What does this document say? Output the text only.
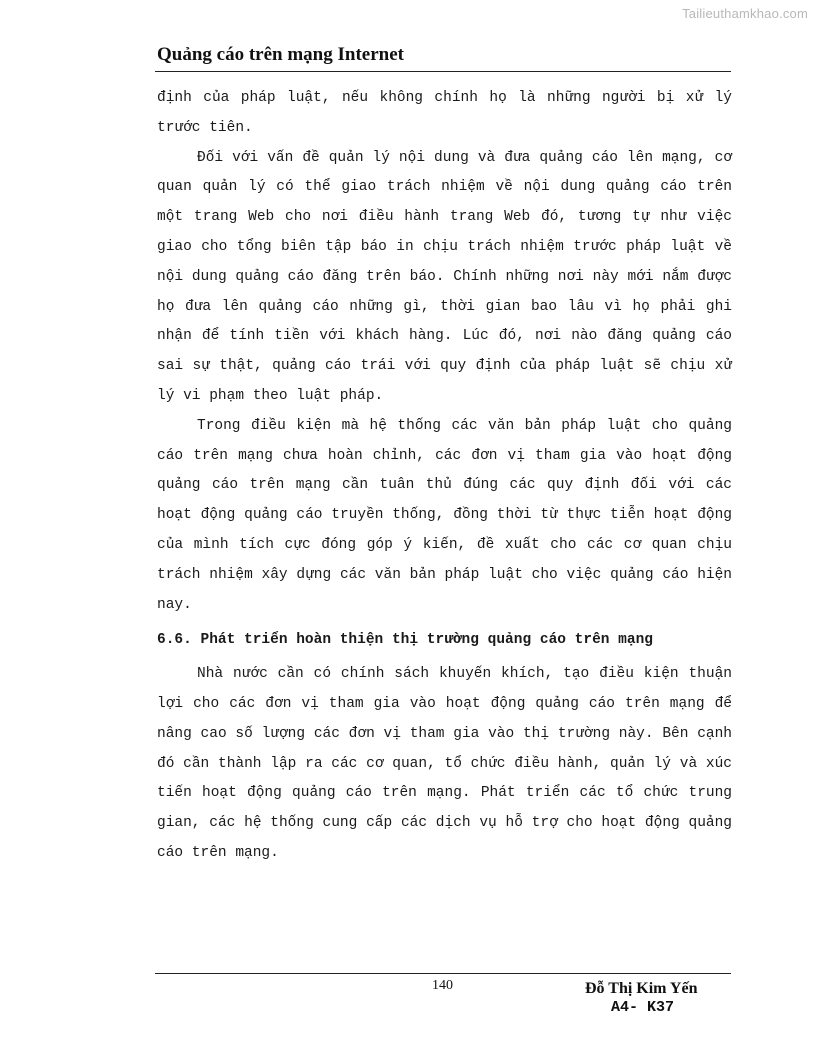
Tailieuthamkhao.com
Quảng cáo trên mạng Internet

định của pháp luật, nếu không chính họ là những người bị xử lý trước tiên.

Đối với vấn đề quản lý nội dung và đưa quảng cáo lên mạng, cơ quan quản lý có thể giao trách nhiệm về nội dung quảng cáo trên một trang Web cho nơi điều hành trang Web đó, tương tự như việc giao cho tổng biên tập báo in chịu trách nhiệm trước pháp luật về nội dung quảng cáo đăng trên báo. Chính những nơi này mới nắm được họ đưa lên quảng cáo những gì, thời gian bao lâu vì họ phải ghi nhận để tính tiền với khách hàng. Lúc đó, nơi nào đăng quảng cáo sai sự thật, quảng cáo trái với quy định của pháp luật sẽ chịu xử lý vi phạm theo luật pháp.

Trong điều kiện mà hệ thống các văn bản pháp luật cho quảng cáo trên mạng chưa hoàn chỉnh, các đơn vị tham gia vào hoạt động quảng cáo trên mạng cần tuân thủ đúng các quy định đối với các hoạt động quảng cáo truyền thống, đồng thời từ thực tiễn hoạt động của mình tích cực đóng góp ý kiến, đề xuất cho các cơ quan chịu trách nhiệm xây dựng các văn bản pháp luật cho việc quảng cáo hiện nay.

6.6. Phát triển hoàn thiện thị trường quảng cáo trên mạng

Nhà nước cần có chính sách khuyến khích, tạo điều kiện thuận lợi cho các đơn vị tham gia vào hoạt động quảng cáo trên mạng để nâng cao số lượng các đơn vị tham gia vào thị trường này. Bên cạnh đó cần thành lập ra các cơ quan, tổ chức điều hành, quản lý và xúc tiến hoạt động quảng cáo trên mạng. Phát triển các tổ chức trung gian, các hệ thống cung cấp các dịch vụ hỗ trợ cho hoạt động quảng cáo trên mạng.

140	Đỗ Thị Kim Yến
A4- K37
